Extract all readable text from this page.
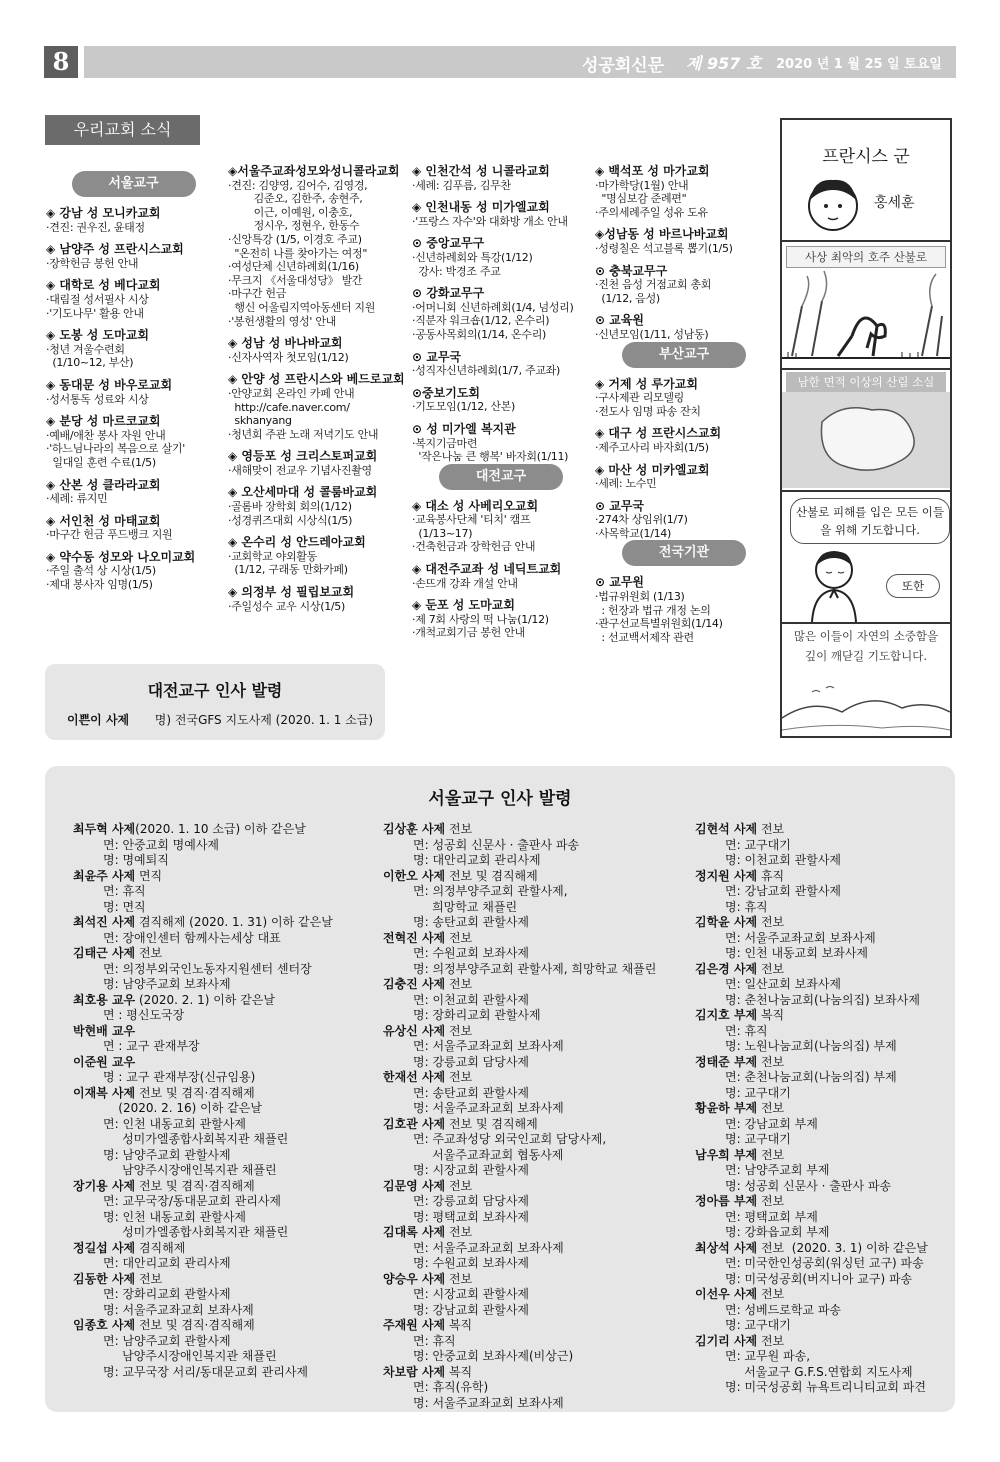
8	성공회신문 제 957 호 2020 년 1 월 25 일 토요일
우리교회 소식
서울교구
◈ 강남 성 모니카교회
·견진: 권우진, 윤태정
◈ 남양주 성 프란시스교회
·장학헌금 봉헌 안내
◈ 대학로 성 베다교회
·대림절 성서필사 시상
·'기도나무' 활용 안내
◈ 도봉 성 도마교회
·청년 겨울수련회
(1/10~12, 부산)
◈ 동대문 성 바우로교회
·성서통독 성료와 시상
◈ 분당 성 마르코교회
·예배/애찬 봉사 자원 안내
·'하느님나라의 복음으로 살기'
일대일 훈련 수료(1/5)
◈ 산본 성 클라라교회
·세례: 류지민
◈ 서인천 성 마태교회
·마구간 헌금 푸드뱅크 지원
◈ 약수동 성모와 나오미교회
·주일 출석 상 시상(1/5)
·제대 봉사자 임명(1/5)
◈서울주교좌성모와성니콜라교회
·견진: 김양영, 김어수, 김영경,
김준오, 김한주, 송현주,
이근, 이예원, 이충호,
정시우, 정현우, 한동수
·신앙특강 (1/5, 이경호 주교)
"온전히 나를 찾아가는 여정"
·여성단체 신년하례회(1/16)
·무크지 《서울대성당》 발간
·마구간 헌금
행신 어울림지역아동센터 지원
·'봉헌생활의 영성' 안내
◈ 성남 성 바나바교회
·신자사역자 첫모임(1/12)
◈ 안양 성 프란시스와 베드로교회
·안양교회 온라인 카페 안내
http://cafe.naver.com/
skhanyang
·청년회 주관 노래 저녁기도 안내
◈ 영등포 성 크리스토퍼교회
·새해맞이 전교우 기념사진촬영
◈ 오산세마대 성 콜룸바교회
·골롬바 장학회 회의(1/12)
·성경퀴즈대회 시상식(1/5)
◈ 온수리 성 안드레아교회
·교회학교 야외활동
(1/12, 구래동 만화카페)
◈ 의정부 성 필립보교회
·주일성수 교우 시상(1/5)
◈ 인천간석 성 니콜라교회
·세례: 김푸름, 김무찬
◈ 인천내동 성 미가엘교회
·'프랑스 자수'와 대화방 개소 안내
⊙ 중앙교무구
·신년하례회와 특강(1/12)
강사: 박경조 주교
⊙ 강화교무구
·어머니회 신년하례회(1/4, 넘성리)
·직분자 워크숍(1/12, 온수리)
·공동사목회의(1/14, 온수리)
⊙ 교무국
·성직자신년하례회(1/7, 주교좌)
⊙중보기도회
·기도모임(1/12, 산본)
⊙ 성 미가엘 복지관
·복지기금마련
'작은나눔 큰 행복' 바자회(1/11)
대전교구
◈ 대소 성 사베리오교회
·교육봉사단체 '티치' 캠프
(1/13~17)
·건축헌금과 장학헌금 안내
◈ 대전주교좌 성 네딕트교회
·손뜨개 강좌 개설 안내
◈ 둔포 성 도마교회
·제 7회 사랑의 떡 나눔(1/12)
·개척교회기금 봉헌 안내
◈ 백석포 성 마가교회
·마가학당(1월) 안내
"명심보감 준례편"
·주의세례주일 성유 도유
◈성남동 성 바르나바교회
·성령칠은 석고블록 뽑기(1/5)
⊙ 충북교무구
·진천 음성 거점교회 총회
(1/12, 음성)
⊙ 교육원
·신년모임(1/11, 성남동)
부산교구
◈ 거제 성 루가교회
·구사제관 리모델링
·전도사 임명 파송 잔치
◈ 대구 성 프란시스교회
·제주고사리 바자회(1/5)
◈ 마산 성 미카엘교회
·세례: 노수민
⊙ 교무국
·274차 상임위(1/7)
·사목학교(1/14)
전국기관
⊙ 교무원
·법규위원회 (1/13)
: 헌장과 법규 개정 논의
·관구선교특별위원회(1/14)
: 선교백서제작 관련
프란시스 군
홍세훈
사상 최악의 호주 산불로
남한 면적 이상의 산림 소실
산불로 피해를 입은 모든 이들을 위해 기도합니다.
또한
많은 이들이 자연의 소중함을 깊이 깨닫길 기도합니다.
대전교구 인사 발령
이쁜이 사제 명) 전국GFS 지도사제 (2020. 1. 1 소급)
서울교구 인사 발령
최두혁 사제(2020. 1. 10 소급) 이하 같은날
면: 안중교회 명예사제
명: 명예퇴직
최윤주 사제 면직
면: 휴직
명: 면직
최석진 사제 겸직해제 (2020. 1. 31) 이하 같은날
면: 장애인센터 함께사는세상 대표
김태근 사제 전보
면: 의정부외국인노동자지원센터 센터장
명: 남양주교회 보좌사제
최호용 교우 (2020. 2. 1) 이하 같은날
면 : 평신도국장
박현배 교우
면 : 교구 관재부장
이준원 교우
명 : 교구 관재부장(신규임용)
이재복 사제 전보 및 겸직·겸직해제
(2020. 2. 16) 이하 같은날
면: 인천 내동교회 관할사제
성미가엘종합사회복지관 채플린
명: 남양주교회 관할사제
남양주시장애인복지관 채플린
장기용 사제 전보 및 겸직·겸직해제
면: 교무국장/동대문교회 관리사제
명: 인천 내동교회 관할사제
성미가엘종합사회복지관 채플린
정길섭 사제 겸직해제
면: 대안리교회 관리사제
김동한 사제 전보
면: 장화리교회 관할사제
명: 서울주교좌교회 보좌사제
임종호 사제 전보 및 겸직·겸직해제
면: 남양주교회 관할사제
남양주시장애인복지관 채플린
명: 교무국장 서리/동대문교회 관리사제
김상훈 사제 전보
면: 성공회 신문사 · 출판사 파송
명: 대안리교회 관리사제
이한오 사제 전보 및 겸직해제
면: 의정부양주교회 관할사제,
희망학교 채플린
명: 송탄교회 관할사제
전혁진 사제 전보
면: 수원교회 보좌사제
명: 의정부양주교회 관할사제, 희망학교 채플린
김충진 사제 전보
면: 이천교회 관할사제
명: 장화리교회 관할사제
유상신 사제 전보
면: 서울주교좌교회 보좌사제
명: 강릉교회 담당사제
한재선 사제 전보
면: 송탄교회 관할사제
명: 서울주교좌교회 보좌사제
김호관 사제 전보 및 겸직해제
면: 주교좌성당 외국인교회 담당사제,
서울주교좌교회 협동사제
명: 시장교회 관할사제
김문영 사제 전보
면: 강릉교회 담당사제
명: 평택교회 보좌사제
김대록 사제 전보
면: 서울주교좌교회 보좌사제
명: 수원교회 보좌사제
양승우 사제 전보
면: 시장교회 관할사제
명: 강남교회 관할사제
주재원 사제 복직
면: 휴직
명: 안중교회 보좌사제(비상근)
차보람 사제 복직
면: 휴직(유학)
명: 서울주교좌교회 보좌사제
김현석 사제 전보
면: 교구대기
명: 이천교회 관할사제
정지원 사제 휴직
면: 강남교회 관할사제
명: 휴직
김학윤 사제 전보
면: 서울주교좌교회 보좌사제
명: 인천 내동교회 보좌사제
김은경 사제 전보
면: 일산교회 보좌사제
명: 춘천나눔교회(나눔의집) 보좌사제
김지호 부제 복직
면: 휴직
명: 노원나눔교회(나눔의집) 부제
정태준 부제 전보
면: 춘천나눔교회(나눔의집) 부제
명: 교구대기
황윤하 부제 전보
면: 강남교회 부제
명: 교구대기
남우희 부제 전보
면: 남양주교회 부제
명: 성공회 신문사 · 출판사 파송
정아름 부제 전보
면: 평택교회 부제
명: 강화읍교회 부제
최상석 사제 전보  (2020. 3. 1) 이하 같은날
면: 미국한인성공회(워싱턴 교구) 파송
명: 미국성공회(버지니아 교구) 파송
이선우 사제 전보
면: 성베드로학교 파송
명: 교구대기
김기리 사제 전보
면: 교무원 파송,
서울교구 G.F.S.연합회 지도사제
명: 미국성공회 뉴욕트리니티교회 파견
